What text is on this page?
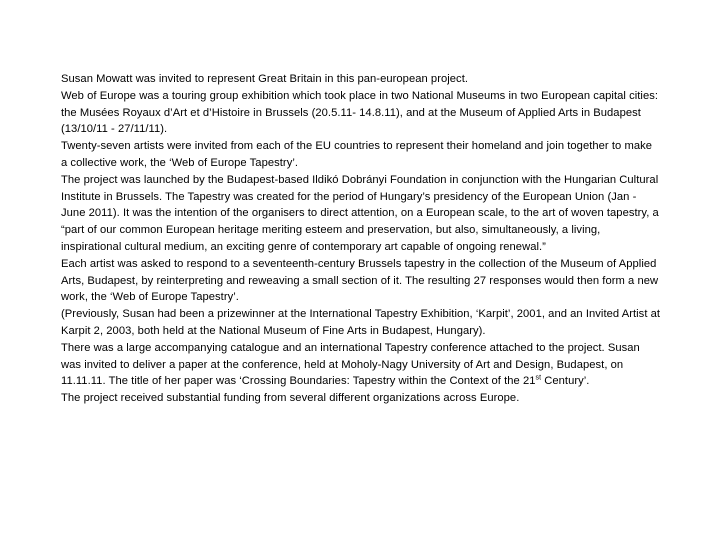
Susan Mowatt was invited to represent Great Britain in this pan-european project.

Web of Europe was a touring group exhibition which took place in two National Museums in two European capital cities: the Musées Royaux d’Art et d’Histoire in Brussels (20.5.11- 14.8.11), and at the Museum of Applied Arts in Budapest (13/10/11 - 27/11/11).

Twenty-seven artists were invited from each of the EU countries to represent their homeland and join together to make a collective work, the ‘Web of Europe Tapestry’.

The project was launched by the Budapest-based Ildikó Dobrányi Foundation in conjunction with the Hungarian Cultural Institute in Brussels. The Tapestry was created for the period of Hungary’s presidency of the European Union (Jan - June 2011). It was the intention of the organisers to direct attention, on a European scale, to the art of woven tapestry, a “part of our common European heritage meriting esteem and preservation, but also, simultaneously, a living, inspirational cultural medium, an exciting genre of contemporary art capable of ongoing renewal.”

Each artist was asked to respond to a seventeenth-century Brussels tapestry in the collection of the Museum of Applied Arts, Budapest, by reinterpreting and reweaving a small section of it. The resulting 27 responses would then form a new work, the ‘Web of Europe Tapestry’.

(Previously, Susan had been a prizewinner at the International Tapestry Exhibition, ‘Karpit’, 2001, and an Invited Artist at Karpit 2, 2003, both held at the National Museum of Fine Arts in Budapest, Hungary).

There was a large accompanying catalogue and an international Tapestry conference attached to the project. Susan was invited to deliver a paper at the conference, held at Moholy-Nagy University of Art and Design, Budapest, on 11.11.11. The title of her paper was ‘Crossing Boundaries: Tapestry within the Context of the 21st Century’.

The project received substantial funding from several different organizations across Europe.
